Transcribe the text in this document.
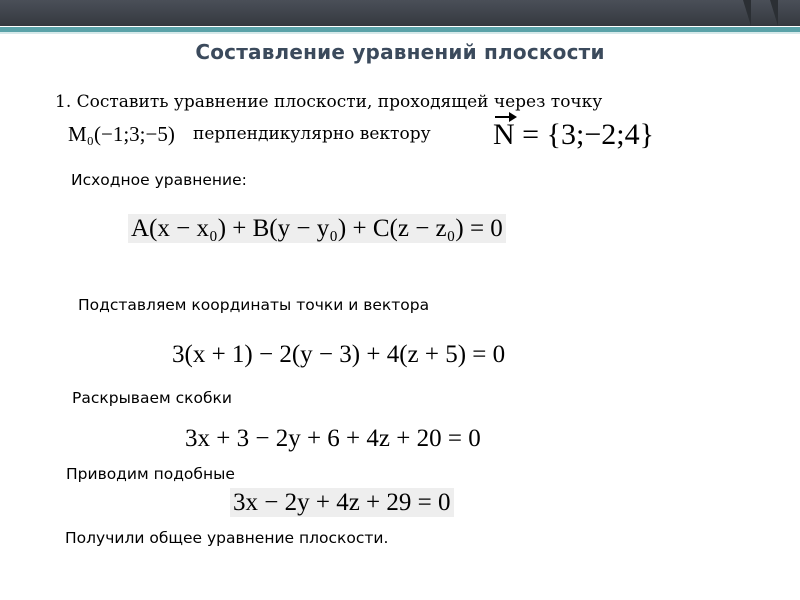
Составление уравнений плоскости
1. Составить уравнение плоскости, проходящей через точку
M₀(−1;3;−5) перпендикулярно вектору N = {3;−2;4}
Исходное уравнение:
A(x − x₀) + B(y − y₀) + C(z − z₀) = 0
Подставляем координаты точки и вектора
3(x + 1) − 2(y − 3) + 4(z + 5) = 0
Раскрываем скобки
3x + 3 − 2y + 6 + 4z + 20 = 0
Приводим подобные
3x − 2y + 4z + 29 = 0
Получили общее уравнение плоскости.
